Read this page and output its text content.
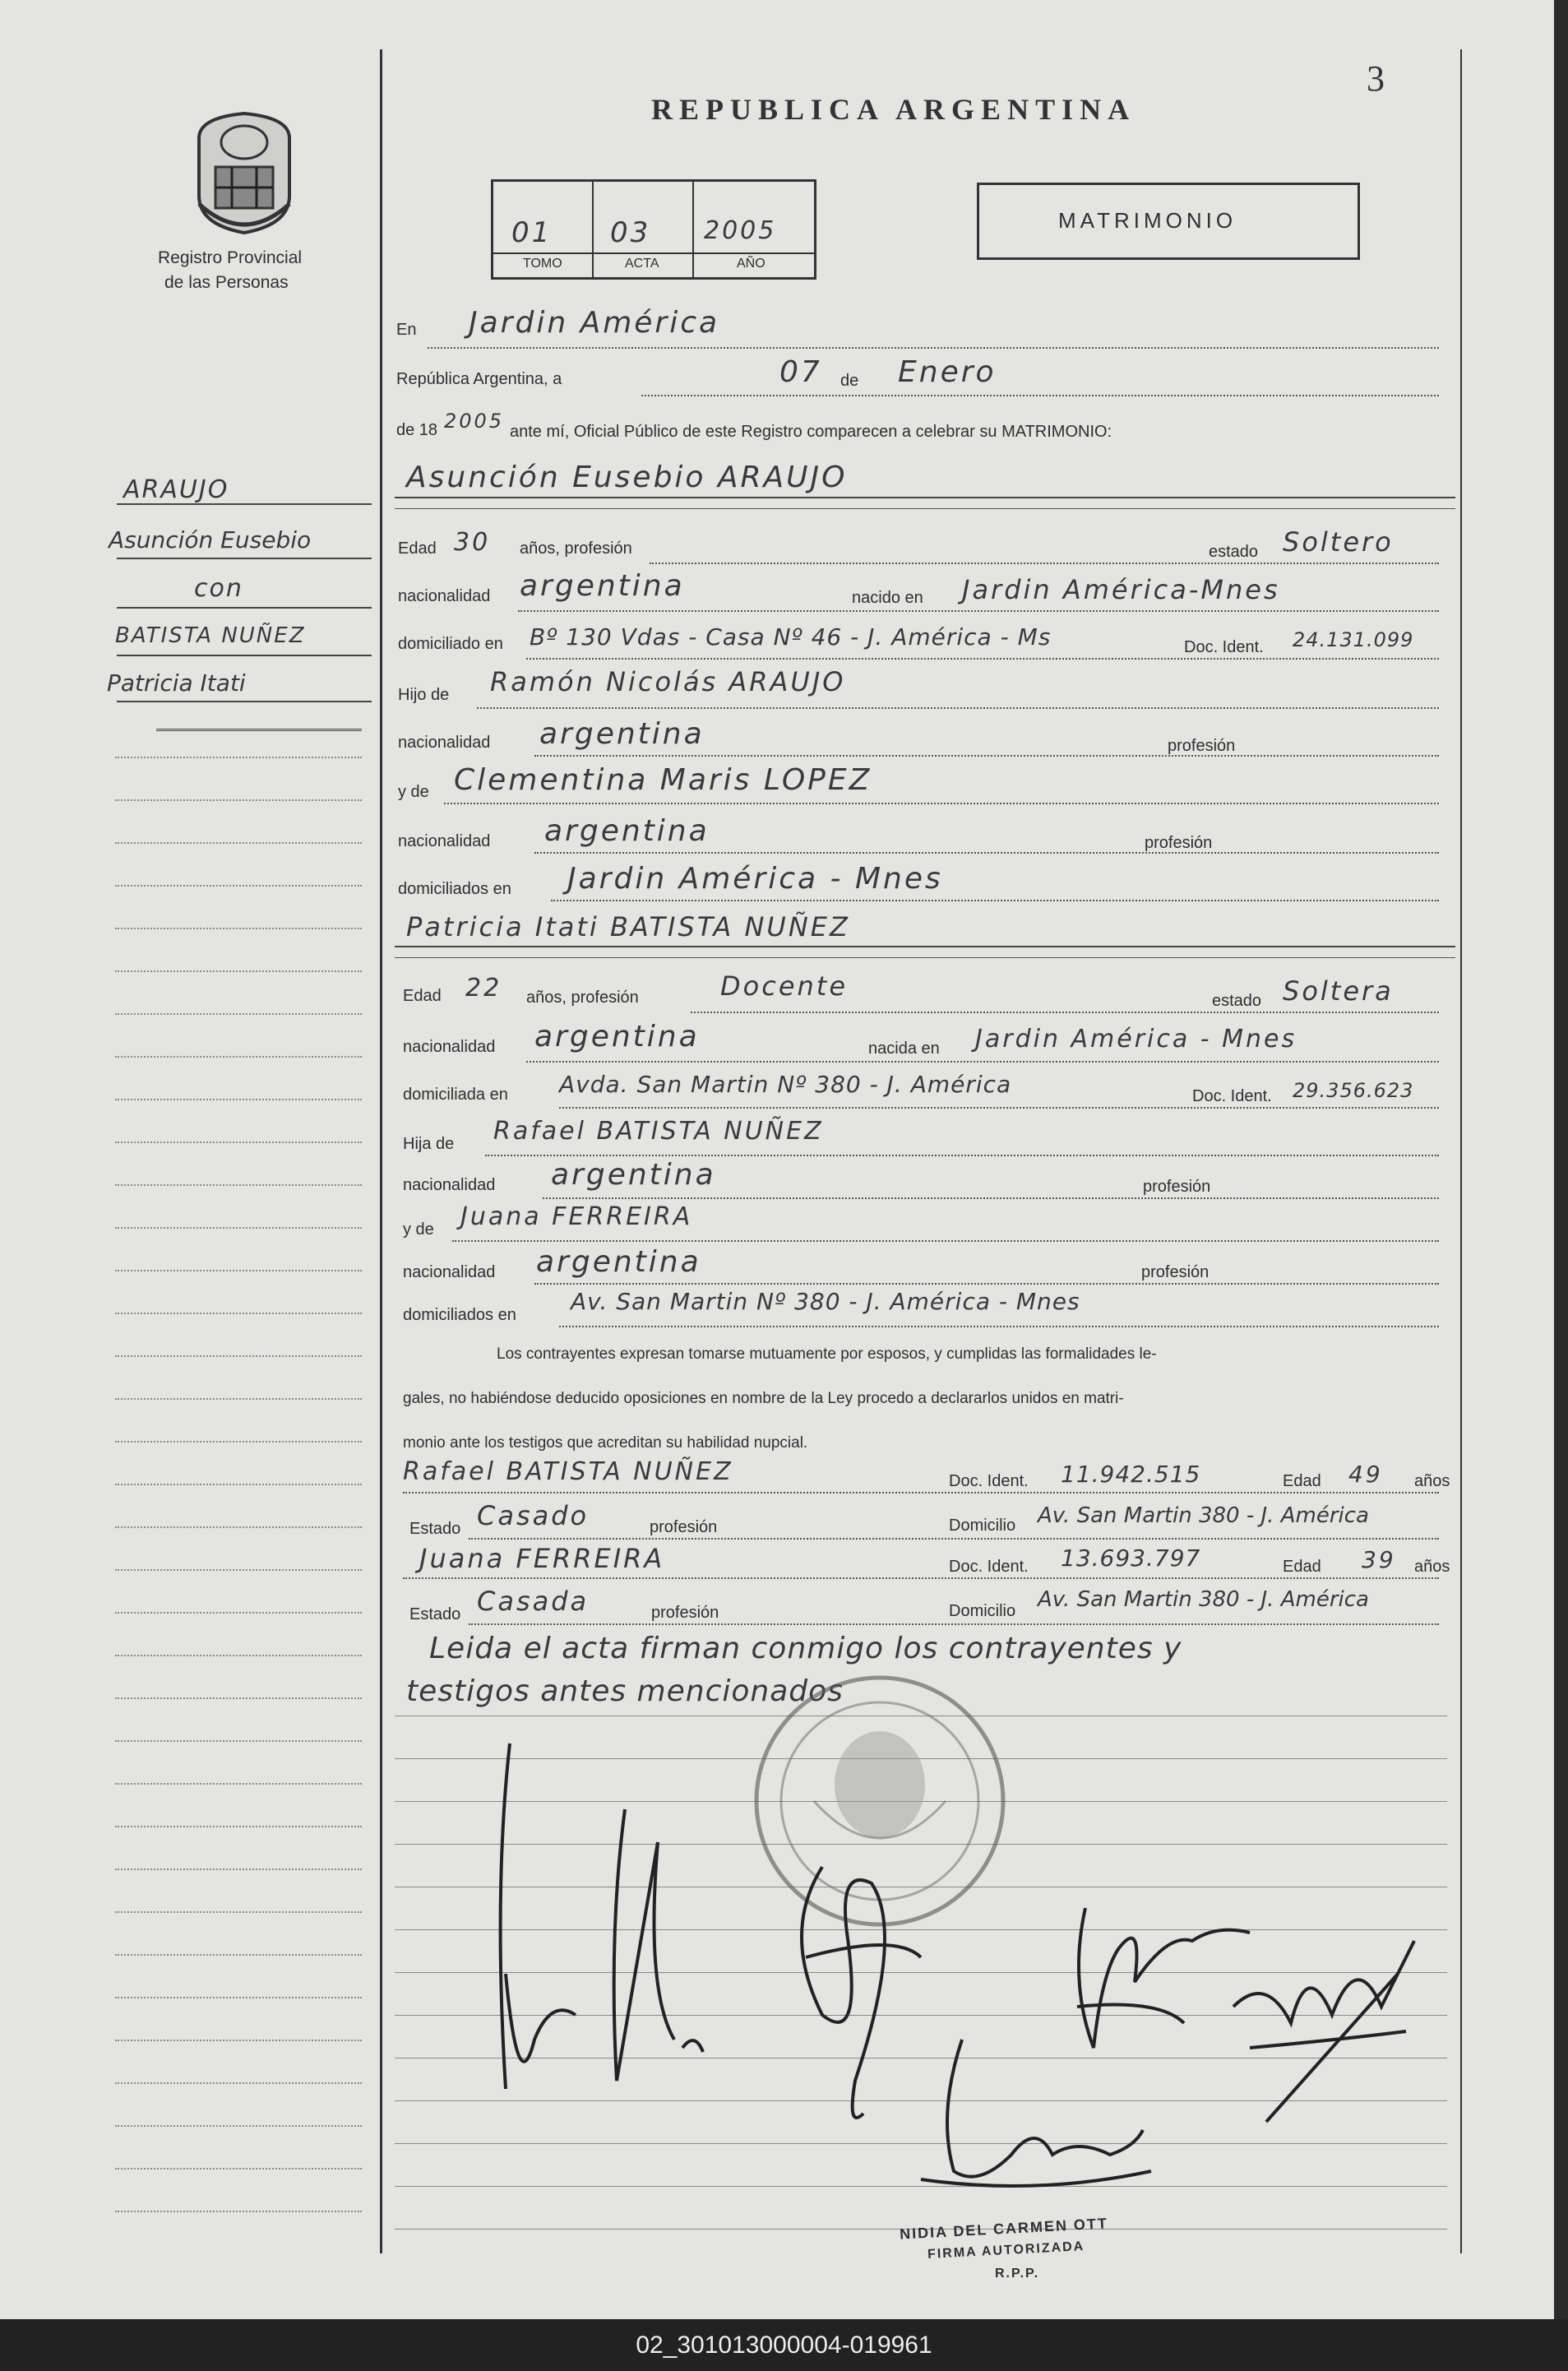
3
Registro Provincial
de las Personas
REPUBLICA ARGENTINA
01 03 2005
TOMO	ACTA	AÑO
MATRIMONIO
ARAUJO
Asunción Eusebio
con
BATISTA NUÑEZ
Patricia Itati
En Jardin América
República Argentina, a	07 de Enero
de 18 2005 ante mí, Oficial Público de este Registro comparecen a celebrar su MATRIMONIO:
Asunción Eusebio ARAUJO
Edad 30 años, profesión	estado Soltero
nacionalidad argentina	nacido en Jardin América-Mnes
domiciliado en Bº 130 Vdas - Casa Nº 46 - J. América - Ms	Doc. Ident. 24.131.099
Hijo de Ramón Nicolás ARAUJO
nacionalidad argentina	profesión
y de Clementina Maris LOPEZ
nacionalidad argentina	profesión
domiciliados en Jardin América - Mnes
Patricia Itati BATISTA NUÑEZ
Edad 22 años, profesión	Docente	estado Soltera
nacionalidad argentina	nacida en Jardin América - Mnes
domiciliada en Avda. San Martin Nº 380 - J. América	Doc. Ident. 29.356.623
Hija de Rafael BATISTA NUÑEZ
nacionalidad argentina	profesión
y de Juana FERREIRA
nacionalidad argentina	profesión
domiciliados en Av. San Martin Nº 380 - J. América - Mnes
Los contrayentes expresan tomarse mutuamente por esposos, y cumplidas las formalidades le-
gales, no habiéndose deducido oposiciones en nombre de la Ley procedo a declararlos unidos en matri-
monio ante los testigos que acreditan su habilidad nupcial.
Rafael BATISTA NUÑEZ	Doc. Ident. 11.942.515	Edad 49 años
Estado Casado	profesión	Domicilio Av. San Martin 380 - J. América
Juana FERREIRA	Doc. Ident. 13.693.797	Edad 39 años
Estado Casada	profesión	Domicilio Av. San Martin 380 - J. América
Leida el acta firman conmigo los contrayentes y
testigos antes mencionados
NIDIA DEL CARMEN OTT
FIRMA AUTORIZADA
R.P.P.
02_301013000004-019961
